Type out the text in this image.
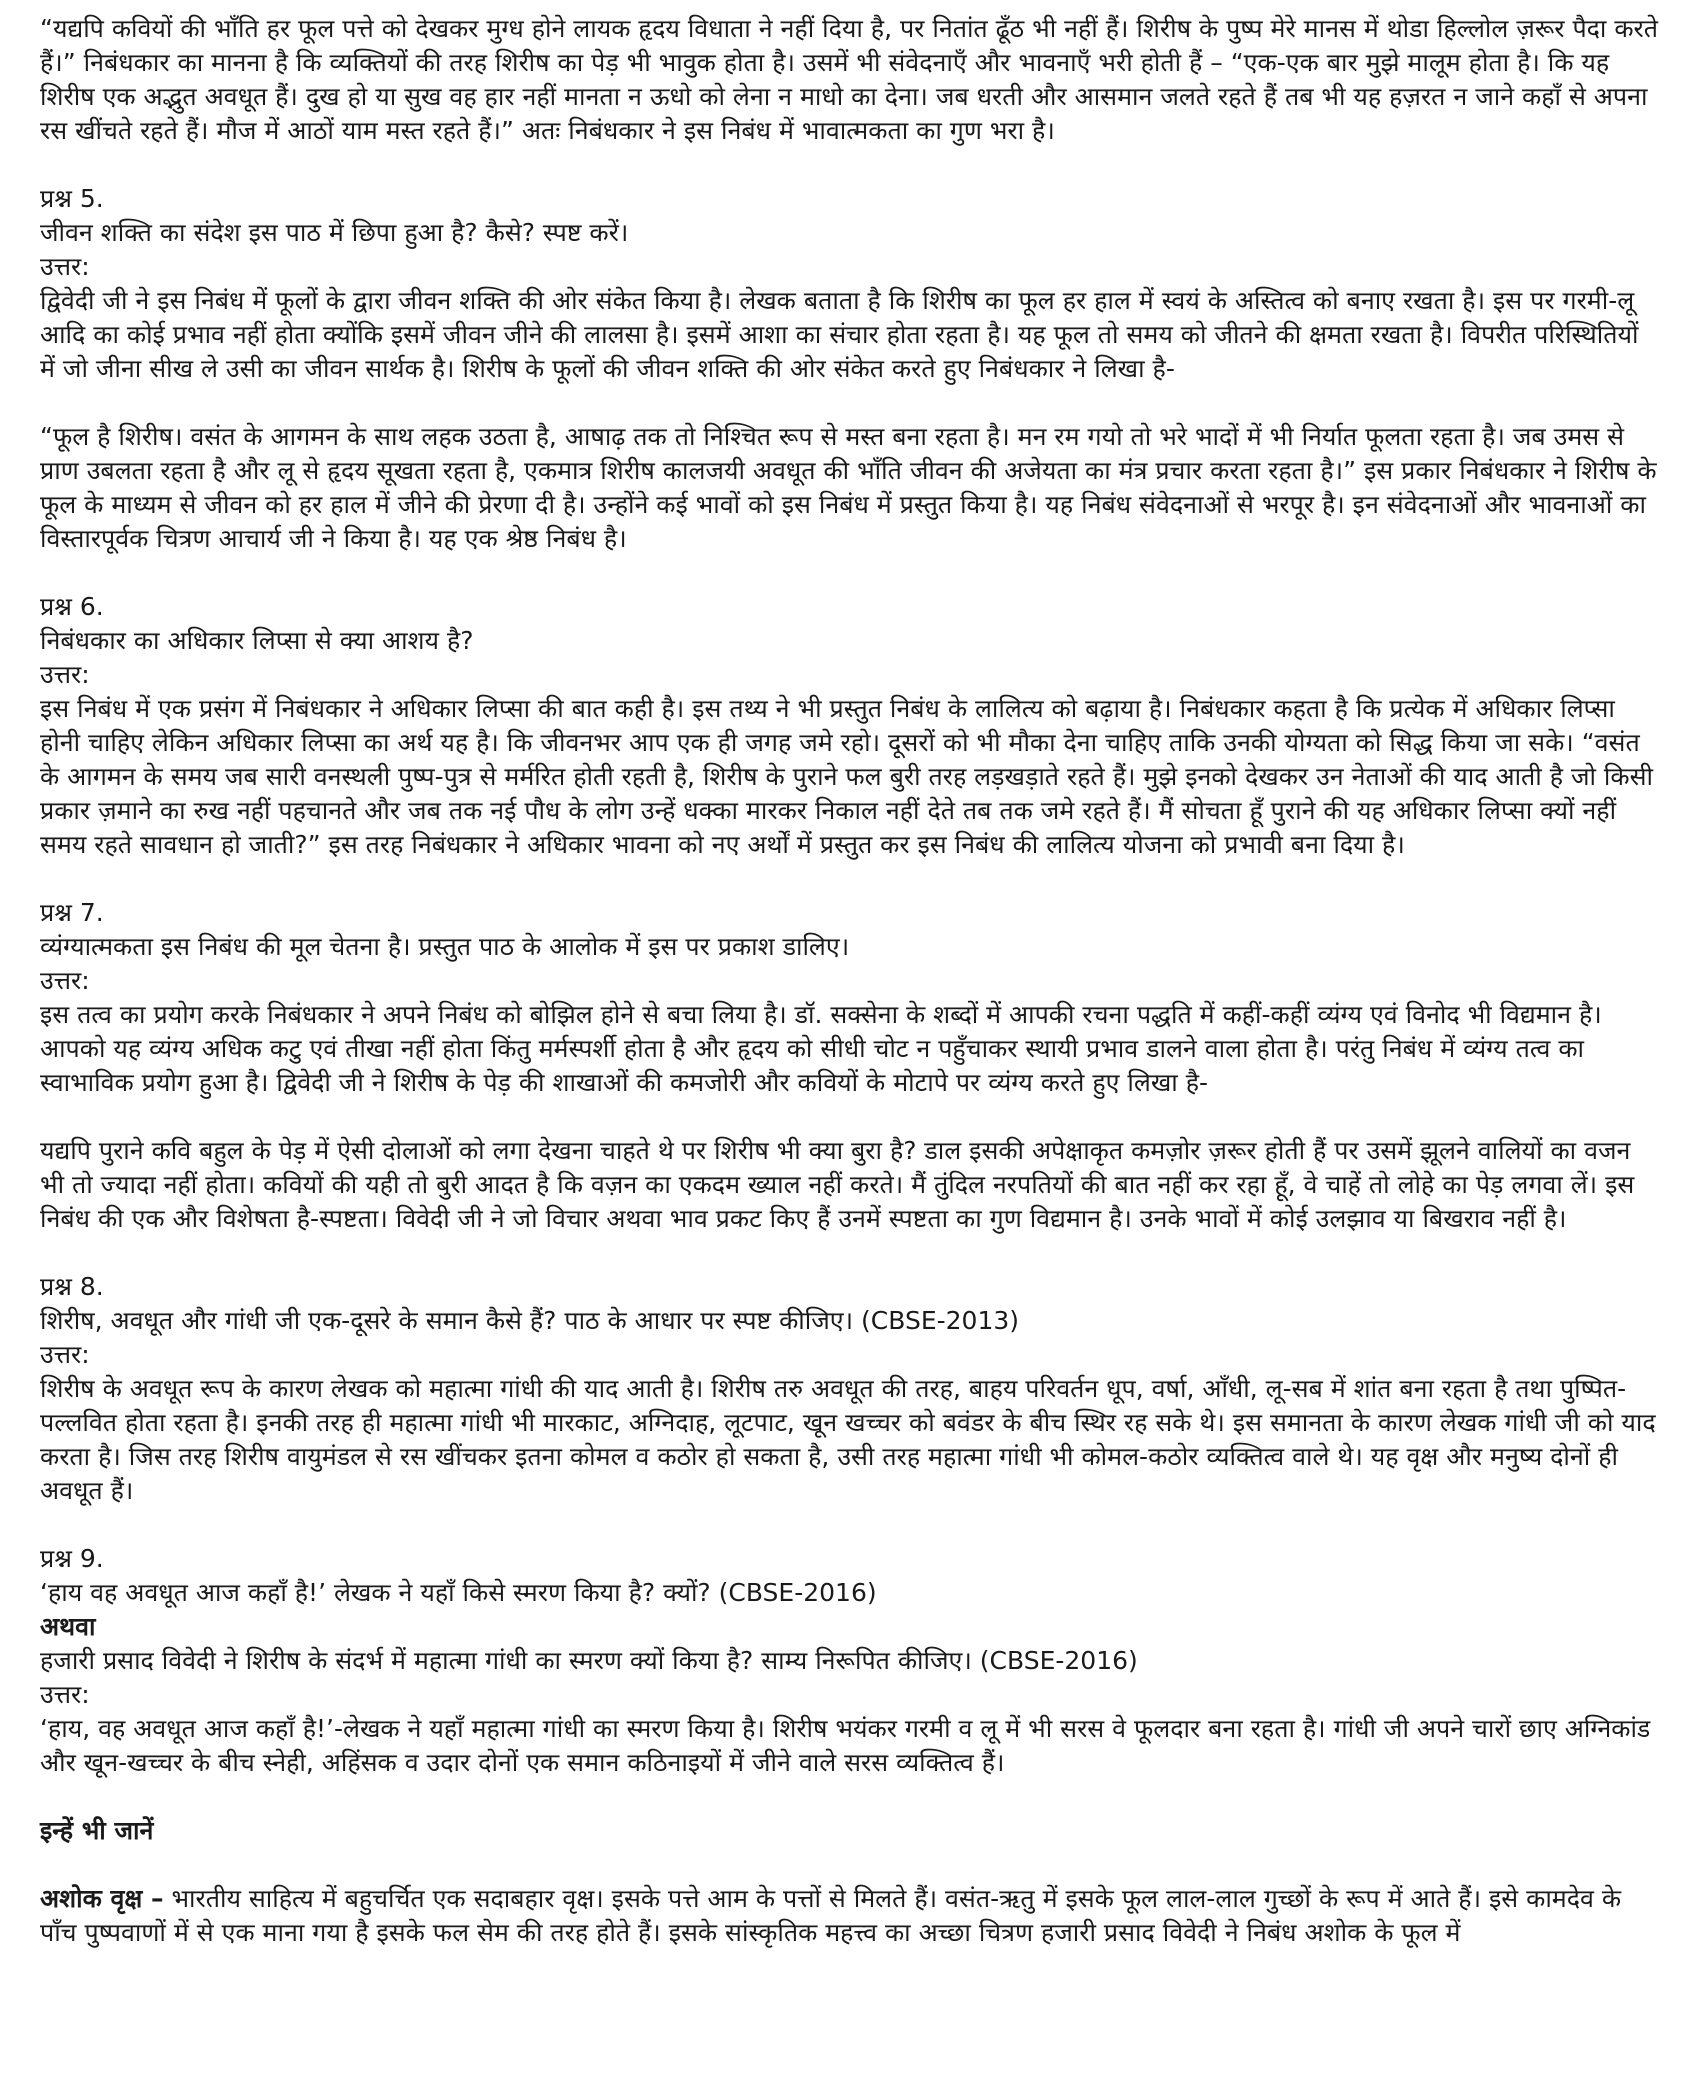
“यद्यपि कवियों की भाँति हर फूल पत्ते को देखकर मुग्ध होने लायक हृदय विधाता ने नहीं दिया है, पर नितांत ढूँठ भी नहीं हैं। शिरीष के पुष्प मेरे मानस में थोडा हिल्लोल ज़रूर पैदा करते हैं।” निबंधकार का मानना है कि व्यक्तियों की तरह शिरीष का पेड़ भी भावुक होता है। उसमें भी संवेदनाएँ और भावनाएँ भरी होती हैं – “एक-एक बार मुझे मालूम होता है। कि यह शिरीष एक अद्भुत अवधूत हैं। दुख हो या सुख वह हार नहीं मानता न ऊधो को लेना न माधो का देना। जब धरती और आसमान जलते रहते हैं तब भी यह हज़रत न जाने कहाँ से अपना रस खींचते रहते हैं। मौज में आठों याम मस्त रहते हैं।” अतः निबंधकार ने इस निबंध में भावात्मकता का गुण भरा है।

प्रश्न 5.

जीवन शक्ति का संदेश इस पाठ में छिपा हुआ है? कैसे? स्पष्ट करें।

उत्तर:

द्विवेदी जी ने इस निबंध में फूलों के द्वारा जीवन शक्ति की ओर संकेत किया है। लेखक बताता है कि शिरीष का फूल हर हाल में स्वयं के अस्तित्व को बनाए रखता है। इस पर गरमी-लू आदि का कोई प्रभाव नहीं होता क्योंकि इसमें जीवन जीने की लालसा है। इसमें आशा का संचार होता रहता है। यह फूल तो समय को जीतने की क्षमता रखता है। विपरीत परिस्थितियों में जो जीना सीख ले उसी का जीवन सार्थक है। शिरीष के फूलों की जीवन शक्ति की ओर संकेत करते हुए निबंधकार ने लिखा है-

“फूल है शिरीष। वसंत के आगमन के साथ लहक उठता है, आषाढ़ तक तो निश्चित रूप से मस्त बना रहता है। मन रम गयो तो भरे भादों में भी निर्यात फूलता रहता है। जब उमस से प्राण उबलता रहता है और लू से हृदय सूखता रहता है, एकमात्र शिरीष कालजयी अवधूत की भाँति जीवन की अजेयता का मंत्र प्रचार करता रहता है।” इस प्रकार निबंधकार ने शिरीष के फूल के माध्यम से जीवन को हर हाल में जीने की प्रेरणा दी है। उन्होंने कई भावों को इस निबंध में प्रस्तुत किया है। यह निबंध संवेदनाओं से भरपूर है। इन संवेदनाओं और भावनाओं का विस्तारपूर्वक चित्रण आचार्य जी ने किया है। यह एक श्रेष्ठ निबंध है।

प्रश्न 6.

निबंधकार का अधिकार लिप्सा से क्या आशय है?

उत्तर:

इस निबंध में एक प्रसंग में निबंधकार ने अधिकार लिप्सा की बात कही है। इस तथ्य ने भी प्रस्तुत निबंध के लालित्य को बढ़ाया है। निबंधकार कहता है कि प्रत्येक में अधिकार लिप्सा होनी चाहिए लेकिन अधिकार लिप्सा का अर्थ यह है। कि जीवनभर आप एक ही जगह जमे रहो। दूसरों को भी मौका देना चाहिए ताकि उनकी योग्यता को सिद्ध किया जा सके। “वसंत के आगमन के समय जब सारी वनस्थली पुष्प-पुत्र से मर्मरित होती रहती है, शिरीष के पुराने फल बुरी तरह लड़खड़ाते रहते हैं। मुझे इनको देखकर उन नेताओं की याद आती है जो किसी प्रकार ज़माने का रुख नहीं पहचानते और जब तक नई पौध के लोग उन्हें धक्का मारकर निकाल नहीं देते तब तक जमे रहते हैं। मैं सोचता हूँ पुराने की यह अधिकार लिप्सा क्यों नहीं समय रहते सावधान हो जाती?” इस तरह निबंधकार ने अधिकार भावना को नए अर्थों में प्रस्तुत कर इस निबंध की लालित्य योजना को प्रभावी बना दिया है।

प्रश्न 7.

व्यंग्यात्मकता इस निबंध की मूल चेतना है। प्रस्तुत पाठ के आलोक में इस पर प्रकाश डालिए।

उत्तर:

इस तत्व का प्रयोग करके निबंधकार ने अपने निबंध को बोझिल होने से बचा लिया है। डॉ. सक्सेना के शब्दों में आपकी रचना पद्धति में कहीं-कहीं व्यंग्य एवं विनोद भी विद्यमान है। आपको यह व्यंग्य अधिक कटु एवं तीखा नहीं होता किंतु मर्मस्पर्शी होता है और हृदय को सीधी चोट न पहुँचाकर स्थायी प्रभाव डालने वाला होता है। परंतु निबंध में व्यंग्य तत्व का स्वाभाविक प्रयोग हुआ है। द्विवेदी जी ने शिरीष के पेड़ की शाखाओं की कमजोरी और कवियों के मोटापे पर व्यंग्य करते हुए लिखा है-

यद्यपि पुराने कवि बहुल के पेड़ में ऐसी दोलाओं को लगा देखना चाहते थे पर शिरीष भी क्या बुरा है? डाल इसकी अपेक्षाकृत कमज़ोर ज़रूर होती हैं पर उसमें झूलने वालियों का वजन भी तो ज्यादा नहीं होता। कवियों की यही तो बुरी आदत है कि वज़न का एकदम ख्याल नहीं करते। मैं तुंदिल नरपतियों की बात नहीं कर रहा हूँ, वे चाहें तो लोहे का पेड़ लगवा लें। इस निबंध की एक और विशेषता है-स्पष्टता। विवेदी जी ने जो विचार अथवा भाव प्रकट किए हैं उनमें स्पष्टता का गुण विद्यमान है। उनके भावों में कोई उलझाव या बिखराव नहीं है।

प्रश्न 8.

शिरीष, अवधूत और गांधी जी एक-दूसरे के समान कैसे हैं? पाठ के आधार पर स्पष्ट कीजिए। (CBSE-2013)

उत्तर:

शिरीष के अवधूत रूप के कारण लेखक को महात्मा गांधी की याद आती है। शिरीष तरु अवधूत की तरह, बाहय परिवर्तन धूप, वर्षा, आँधी, लू-सब में शांत बना रहता है तथा पुष्पित-पल्लवित होता रहता है। इनकी तरह ही महात्मा गांधी भी मारकाट, अग्निदाह, लूटपाट, खून खच्चर को बवंडर के बीच स्थिर रह सके थे। इस समानता के कारण लेखक गांधी जी को याद करता है। जिस तरह शिरीष वायुमंडल से रस खींचकर इतना कोमल व कठोर हो सकता है, उसी तरह महात्मा गांधी भी कोमल-कठोर व्यक्तित्व वाले थे। यह वृक्ष और मनुष्य दोनों ही अवधूत हैं।

प्रश्न 9.

‘हाय वह अवधूत आज कहाँ है!’ लेखक ने यहाँ किसे स्मरण किया है? क्यों? (CBSE-2016)

अथवा

हजारी प्रसाद विवेदी ने शिरीष के संदर्भ में महात्मा गांधी का स्मरण क्यों किया है? साम्य निरूपित कीजिए। (CBSE-2016)

उत्तर:

‘हाय, वह अवधूत आज कहाँ है!’-लेखक ने यहाँ महात्मा गांधी का स्मरण किया है। शिरीष भयंकर गरमी व लू में भी सरस वे फूलदार बना रहता है। गांधी जी अपने चारों छाए अग्निकांड और खून-खच्चर के बीच स्नेही, अहिंसक व उदार दोनों एक समान कठिनाइयों में जीने वाले सरस व्यक्तित्व हैं।

इन्हें भी जानें

अशोक वृक्ष – भारतीय साहित्य में बहुचर्चित एक सदाबहार वृक्ष। इसके पत्ते आम के पत्तों से मिलते हैं। वसंत-ऋतु में इसके फूल लाल-लाल गुच्छों के रूप में आते हैं। इसे कामदेव के पाँच पुष्पवाणों में से एक माना गया है इसके फल सेम की तरह होते हैं। इसके सांस्कृतिक महत्त्व का अच्छा चित्रण हजारी प्रसाद विवेदी ने निबंध अशोक के फूल में
